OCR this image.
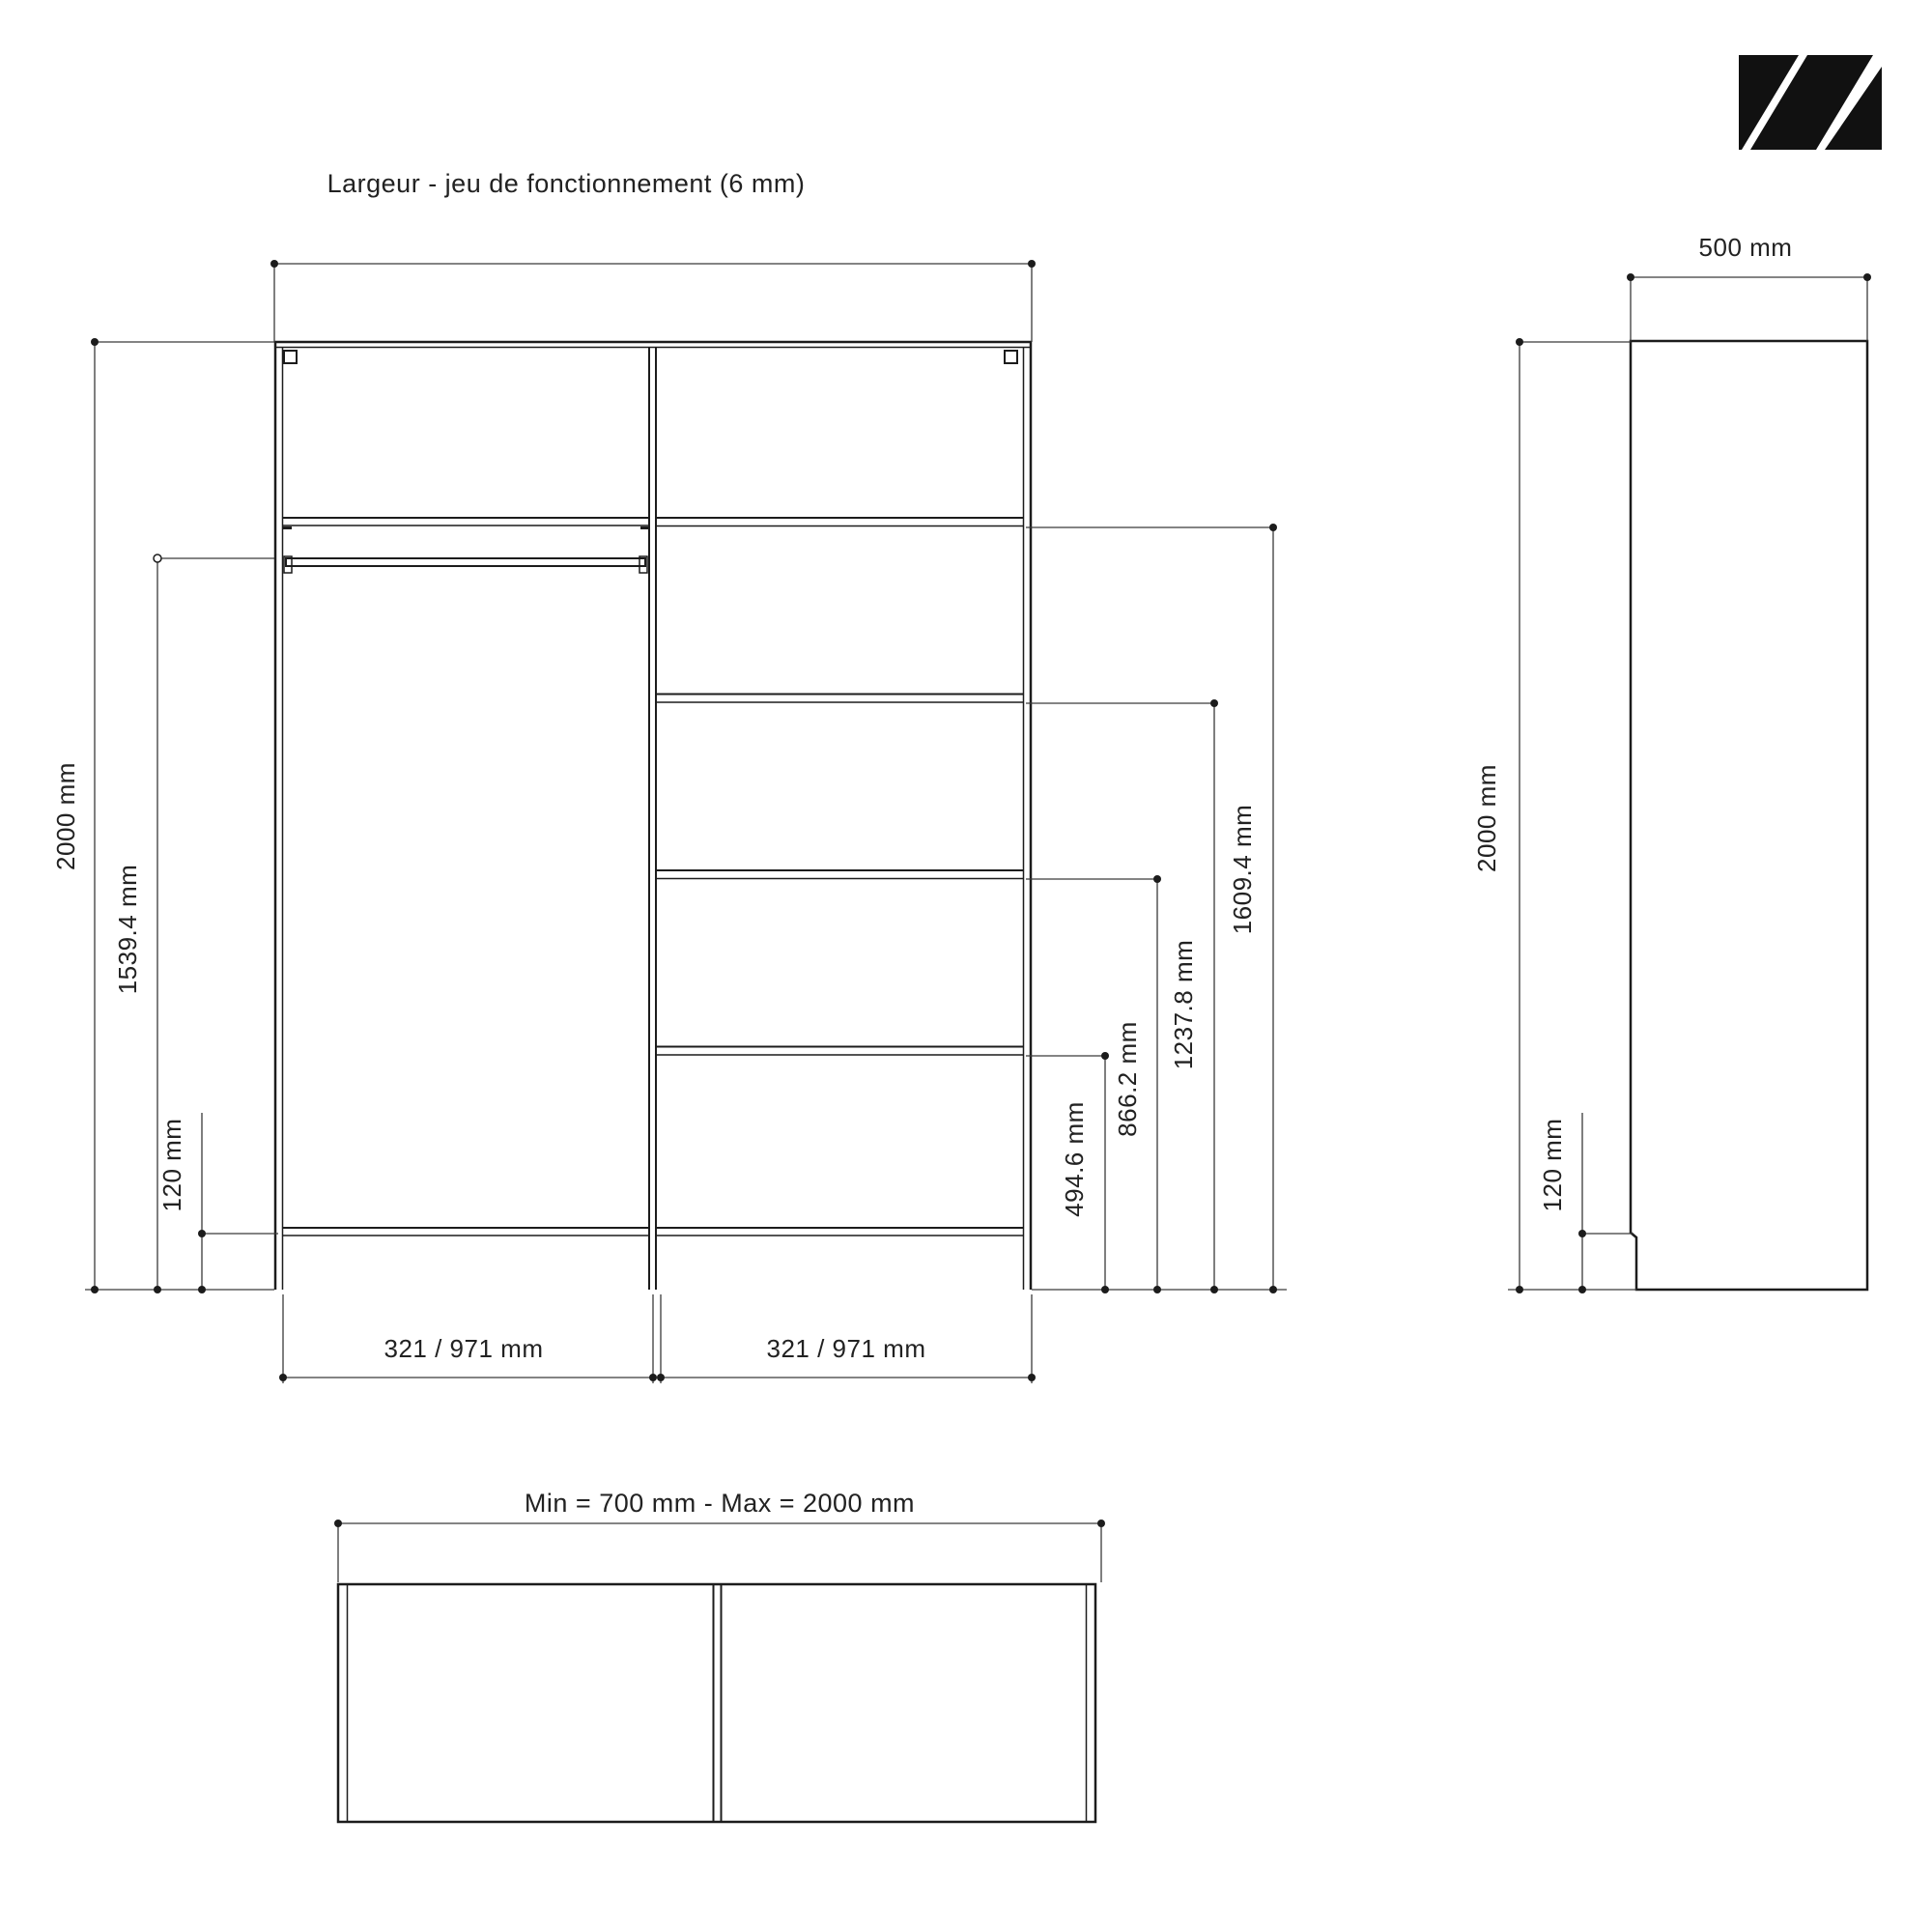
Largeur - jeu de fonctionnement (6 mm)
2000 mm
1539.4 mm
120 mm	494.6 mm
866.2 mm
1237.8 mm
1609.4 mm
321 / 971 mm	321 / 971 mm
500 mm
2000 mm
120 mm
Min = 700 mm - Max = 2000 mm
